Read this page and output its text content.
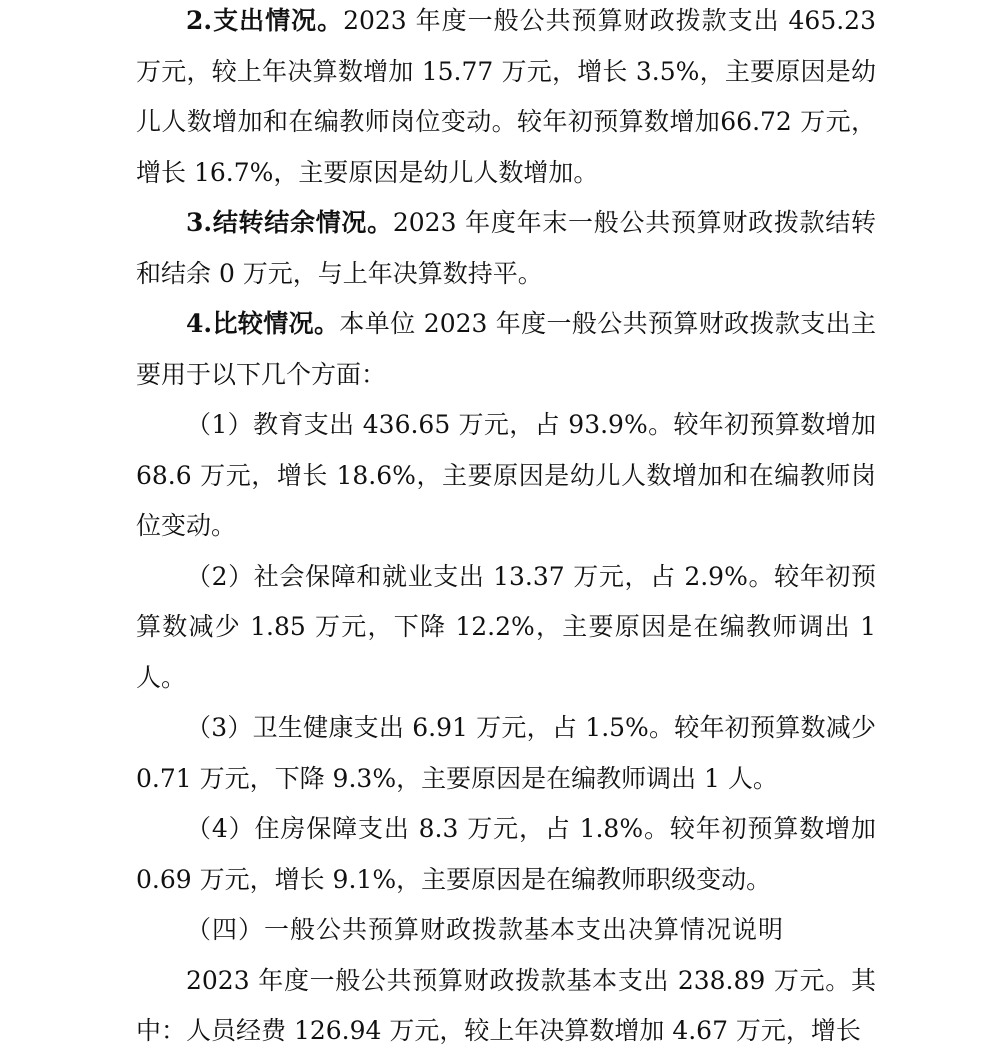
2.支出情况。2023 年度一般公共预算财政拨款支出 465.23 万元，较上年决算数增加 15.77 万元，增长 3.5%，主要原因是幼儿人数增加和在编教师岗位变动。较年初预算数增加66.72 万元，增长 16.7%，主要原因是幼儿人数增加。

3.结转结余情况。2023 年度年末一般公共预算财政拨款结转和结余 0 万元，与上年决算数持平。

4.比较情况。本单位 2023 年度一般公共预算财政拨款支出主要用于以下几个方面：

（1）教育支出 436.65 万元，占 93.9%。较年初预算数增加68.6 万元，增长 18.6%，主要原因是幼儿人数增加和在编教师岗位变动。

（2）社会保障和就业支出 13.37 万元，占 2.9%。较年初预算数减少 1.85 万元，下降 12.2%，主要原因是在编教师调出 1 人。

（3）卫生健康支出 6.91 万元，占 1.5%。较年初预算数减少 0.71 万元，下降 9.3%，主要原因是在编教师调出 1 人。

（4）住房保障支出 8.3 万元，占 1.8%。较年初预算数增加0.69 万元，增长 9.1%，主要原因是在编教师职级变动。

（四）一般公共预算财政拨款基本支出决算情况说明

2023 年度一般公共预算财政拨款基本支出 238.89 万元。其中：人员经费 126.94 万元，较上年决算数增加 4.67 万元，增长
